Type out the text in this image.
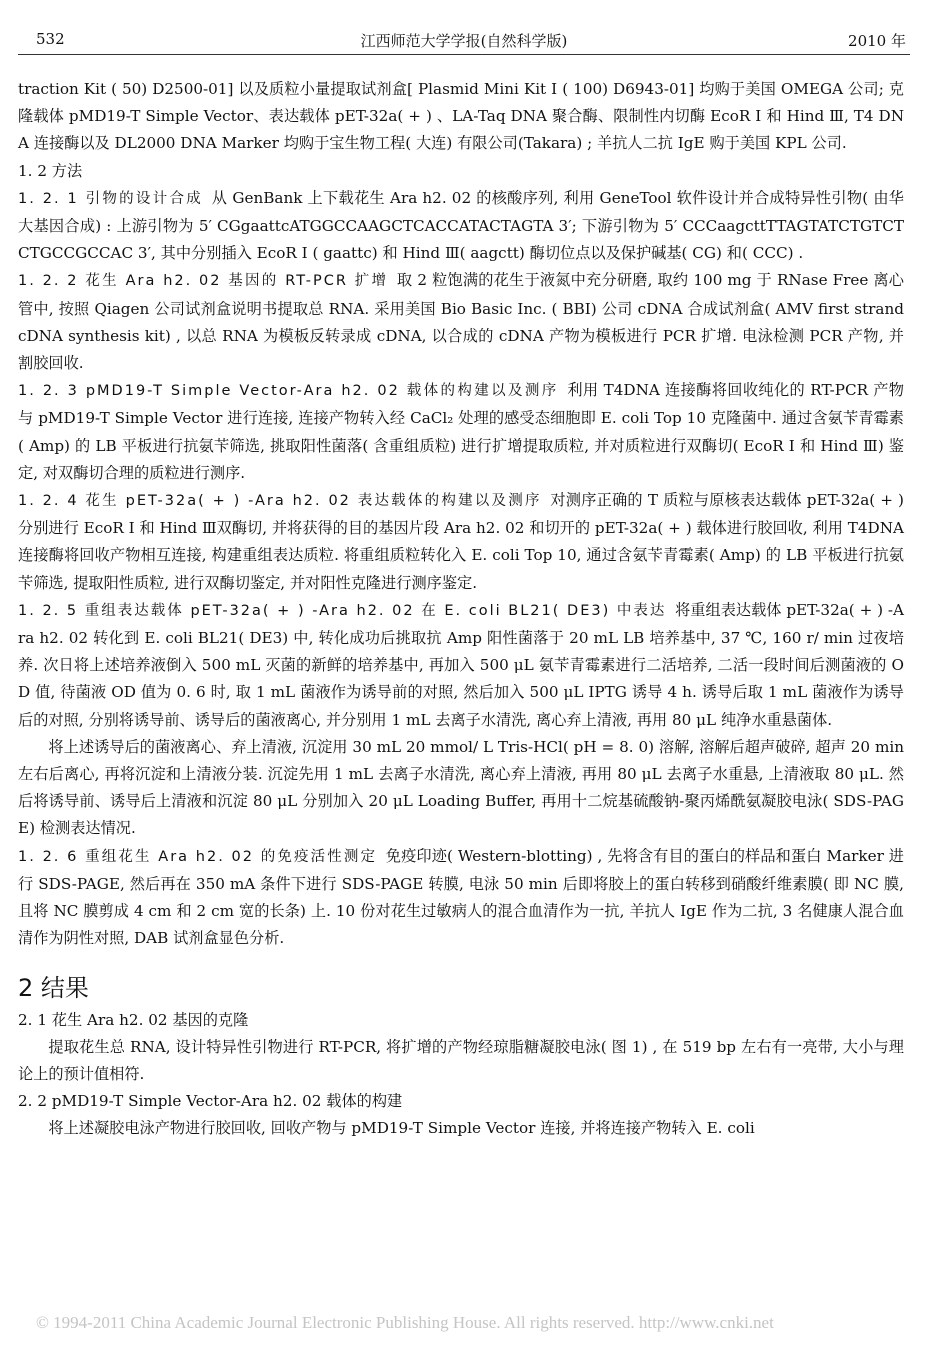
532	江西师范大学学报(自然科学版)	2010 年

traction Kit ( 50) D2500-01] 以及质粒小量提取试剂盒[ Plasmid Mini Kit Ⅰ ( 100) D6943-01] 均购于美国 OMEGA 公司; 克隆载体 pMD19-T Simple Vector、表达载体 pET-32a( + ) 、LA-Taq DNA 聚合酶、限制性内切酶 EcoR Ⅰ 和 Hind Ⅲ, T4 DNA 连接酶以及 DL2000 DNA Marker 均购于宝生物工程( 大连) 有限公司(Takara) ; 羊抗人二抗 IgE 购于美国 KPL 公司.

1. 2 方法

1. 2. 1 引物的设计合成 从 GenBank 上下载花生 Ara h2. 02 的核酸序列, 利用 GeneTool 软件设计并合成特异性引物( 由华大基因合成) : 上游引物为 5′ CGgaattcATGGCCAAGCTCACCATACTAGTA 3′; 下游引物为 5′ CCCaagcttTTAGTATCTGTCTCTGCCGCCAC 3′, 其中分别插入 EcoR Ⅰ ( gaattc) 和 Hind Ⅲ( aagctt) 酶切位点以及保护碱基( CG) 和( CCC) .

1. 2. 2 花生 Ara h2. 02 基因的 RT-PCR 扩增 取 2 粒饱满的花生于液氮中充分研磨, 取约 100 mg 于 RNase Free 离心管中, 按照 Qiagen 公司试剂盒说明书提取总 RNA. 采用美国 Bio Basic Inc. ( BBI) 公司 cDNA 合成试剂盒( AMV first strand cDNA synthesis kit) , 以总 RNA 为模板反转录成 cDNA, 以合成的 cDNA 产物为模板进行 PCR 扩增. 电泳检测 PCR 产物, 并割胶回收.

1. 2. 3 pMD19-T Simple Vector-Ara h2. 02 载体的构建以及测序 利用 T4DNA 连接酶将回收纯化的 RT-PCR 产物与 pMD19-T Simple Vector 进行连接, 连接产物转入经 CaCl₂ 处理的感受态细胞即 E. coli Top 10 克隆菌中. 通过含氨苄青霉素( Amp) 的 LB 平板进行抗氨苄筛选, 挑取阳性菌落( 含重组质粒) 进行扩增提取质粒, 并对质粒进行双酶切( EcoR Ⅰ 和 Hind Ⅲ) 鉴定, 对双酶切合理的质粒进行测序.

1. 2. 4 花生 pET-32a( + ) -Ara h2. 02 表达载体的构建以及测序 对测序正确的 T 质粒与原核表达载体 pET-32a( + ) 分别进行 EcoR Ⅰ 和 Hind Ⅲ双酶切, 并将获得的目的基因片段 Ara h2. 02 和切开的 pET-32a( + ) 载体进行胶回收, 利用 T4DNA 连接酶将回收产物相互连接, 构建重组表达质粒. 将重组质粒转化入 E. coli Top 10, 通过含氨苄青霉素( Amp) 的 LB 平板进行抗氨苄筛选, 提取阳性质粒, 进行双酶切鉴定, 并对阳性克隆进行测序鉴定.

1. 2. 5 重组表达载体 pET-32a( + ) -Ara h2. 02 在 E. coli BL21( DE3) 中表达 将重组表达载体 pET-32a( + ) -Ara h2. 02 转化到 E. coli BL21( DE3) 中, 转化成功后挑取抗 Amp 阳性菌落于 20 mL LB 培养基中, 37 ℃, 160 r/ min 过夜培养. 次日将上述培养液倒入 500 mL 灭菌的新鲜的培养基中, 再加入 500 μL 氨苄青霉素进行二活培养, 二活一段时间后测菌液的 OD 值, 待菌液 OD 值为 0. 6 时, 取 1 mL 菌液作为诱导前的对照, 然后加入 500 μL IPTG 诱导 4 h. 诱导后取 1 mL 菌液作为诱导后的对照, 分别将诱导前、诱导后的菌液离心, 并分别用 1 mL 去离子水清洗, 离心弃上清液, 再用 80 μL 纯净水重悬菌体.

将上述诱导后的菌液离心、弃上清液, 沉淀用 30 mL 20 mmol/ L Tris-HCl( pH = 8. 0) 溶解, 溶解后超声破碎, 超声 20 min 左右后离心, 再将沉淀和上清液分装. 沉淀先用 1 mL 去离子水清洗, 离心弃上清液, 再用 80 μL 去离子水重悬, 上清液取 80 μL. 然后将诱导前、诱导后上清液和沉淀 80 μL 分别加入 20 μL Loading Buffer, 再用十二烷基硫酸钠-聚丙烯酰氨凝胶电泳( SDS-PAGE) 检测表达情况.

1. 2. 6 重组花生 Ara h2. 02 的免疫活性测定 免疫印迹( Western-blotting) , 先将含有目的蛋白的样品和蛋白 Marker 进行 SDS-PAGE, 然后再在 350 mA 条件下进行 SDS-PAGE 转膜, 电泳 50 min 后即将胶上的蛋白转移到硝酸纤维素膜( 即 NC 膜, 且将 NC 膜剪成 4 cm 和 2 cm 宽的长条) 上. 10 份对花生过敏病人的混合血清作为一抗, 羊抗人 IgE 作为二抗, 3 名健康人混合血清作为阴性对照, DAB 试剂盒显色分析.

2 结果

2. 1 花生 Ara h2. 02 基因的克隆

提取花生总 RNA, 设计特异性引物进行 RT-PCR, 将扩增的产物经琼脂糖凝胶电泳( 图 1) , 在 519 bp 左右有一亮带, 大小与理论上的预计值相符.

2. 2 pMD19-T Simple Vector-Ara h2. 02 载体的构建

将上述凝胶电泳产物进行胶回收, 回收产物与 pMD19-T Simple Vector 连接, 并将连接产物转入 E. coli

© 1994-2011 China Academic Journal Electronic Publishing House. All rights reserved. http://www.cnki.net
